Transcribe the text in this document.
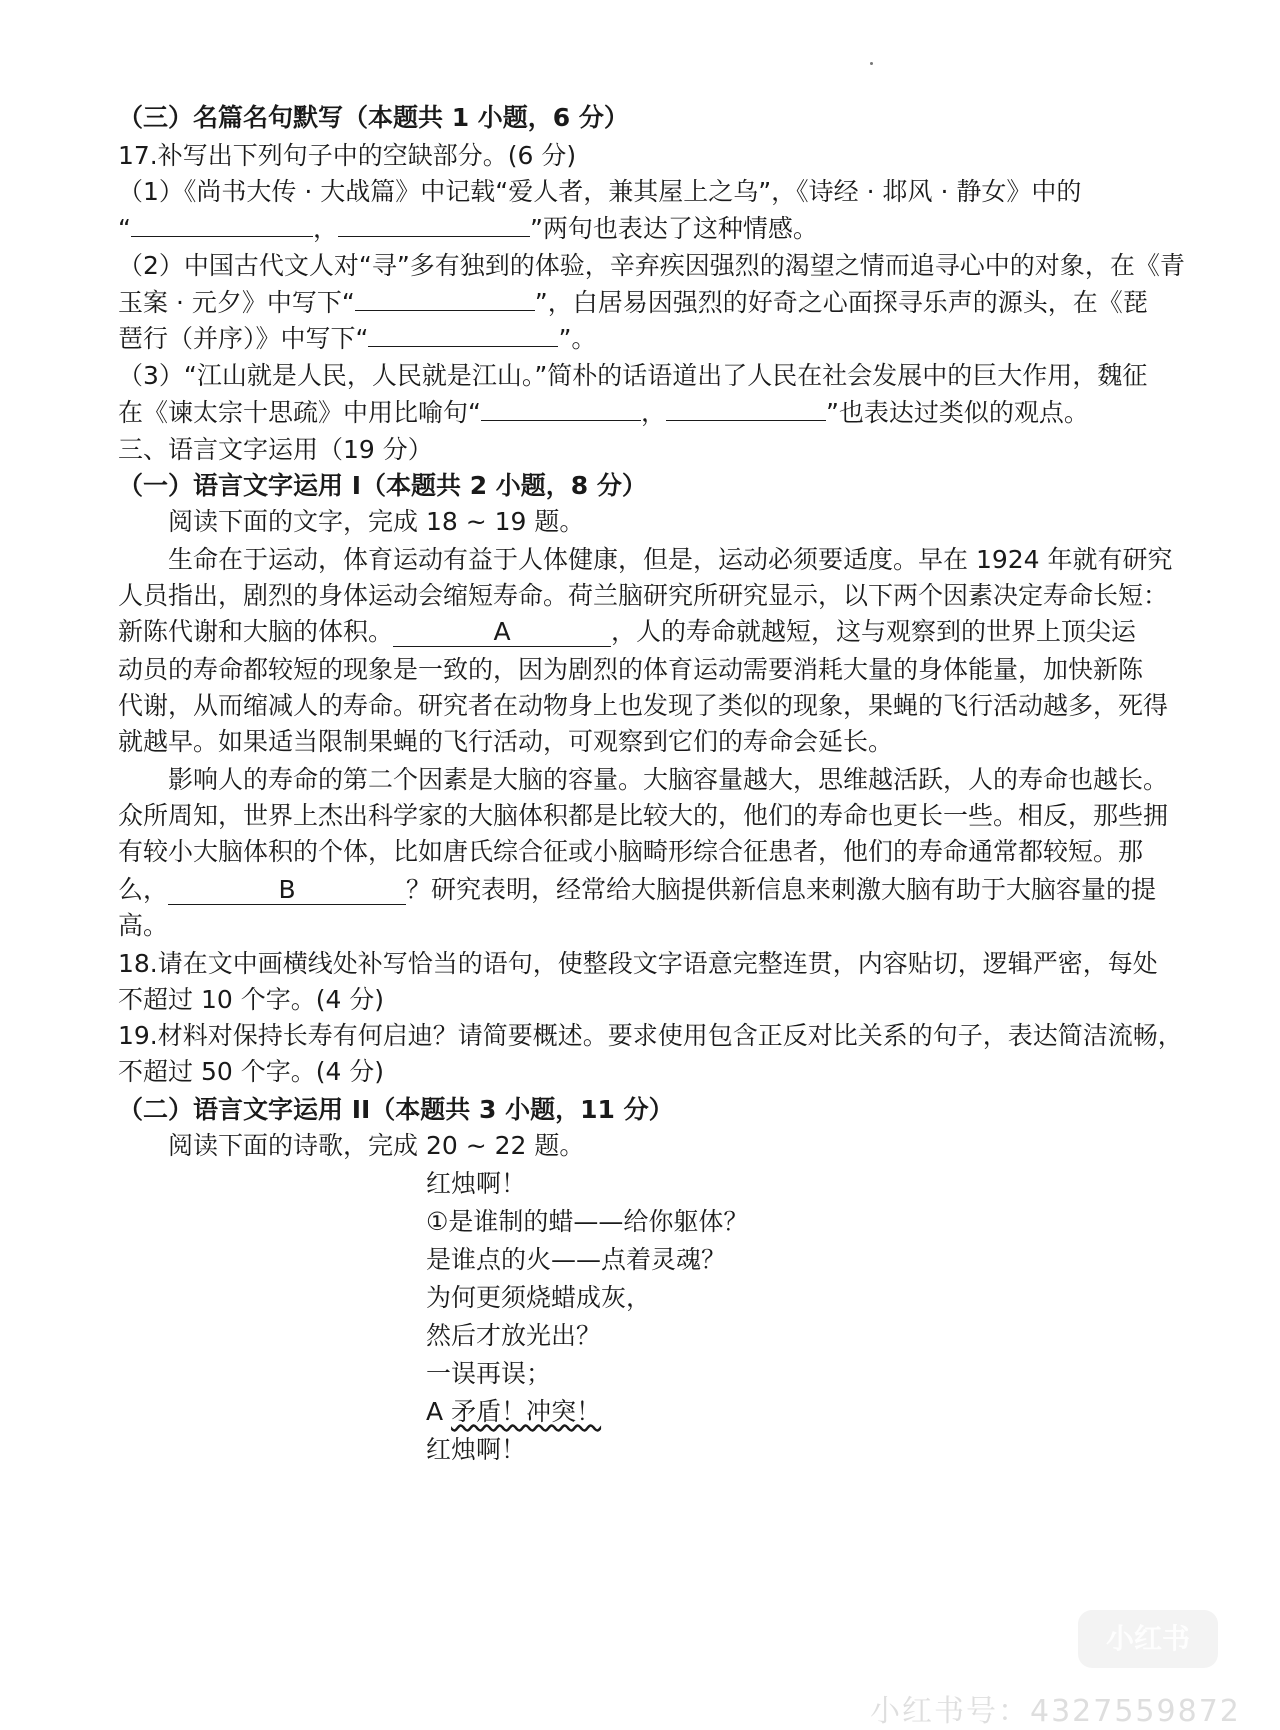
（三）名篇名句默写（本题共 1 小题，6 分）
17.补写出下列句子中的空缺部分。(6 分)
（1）《尚书大传 · 大战篇》中记载“爱人者，兼其屋上之乌”，《诗经 · 邶风 · 静女》中的
“	，	”两句也表达了这种情感。
（2）中国古代文人对“寻”多有独到的体验，辛弃疾因强烈的渴望之情而追寻心中的对象，在《青
玉案 · 元夕》中写下“	”，白居易因强烈的好奇之心面探寻乐声的源头，在《琵
琶行（并序）》中写下“	”。
（3）“江山就是人民，人民就是江山。”简朴的话语道出了人民在社会发展中的巨大作用，魏征
在《谏太宗十思疏》中用比喻句“	，	”也表达过类似的观点。
三、语言文字运用（19 分）
（一）语言文字运用 I（本题共 2 小题，8 分）
阅读下面的文字，完成 18 ~ 19 题。
生命在于运动，体育运动有益于人体健康，但是，运动必须要适度。早在 1924 年就有研究
人员指出，剧烈的身体运动会缩短寿命。荷兰脑研究所研究显示，以下两个因素决定寿命长短：
新陈代谢和大脑的体积。	A	，人的寿命就越短，这与观察到的世界上顶尖运
动员的寿命都较短的现象是一致的，因为剧烈的体育运动需要消耗大量的身体能量，加快新陈
代谢，从而缩减人的寿命。研究者在动物身上也发现了类似的现象，果蝇的飞行活动越多，死得
就越早。如果适当限制果蝇的飞行活动，可观察到它们的寿命会延长。
影响人的寿命的第二个因素是大脑的容量。大脑容量越大，思维越活跃，人的寿命也越长。
众所周知，世界上杰出科学家的大脑体积都是比较大的，他们的寿命也更长一些。相反，那些拥
有较小大脑体积的个体，比如唐氏综合征或小脑畸形综合征患者，他们的寿命通常都较短。那
么，	B	？研究表明，经常给大脑提供新信息来刺激大脑有助于大脑容量的提
高。
18.请在文中画横线处补写恰当的语句，使整段文字语意完整连贯，内容贴切，逻辑严密，每处
不超过 10 个字。(4 分)
19.材料对保持长寿有何启迪？请简要概述。要求使用包含正反对比关系的句子，表达简洁流畅，
不超过 50 个字。(4 分)
（二）语言文字运用 II（本题共 3 小题，11 分）
阅读下面的诗歌，完成 20 ~ 22 题。
红烛啊！
①是谁制的蜡——给你躯体？
是谁点的火——点着灵魂？
为何更须烧蜡成灰，
然后才放光出？
一误再误；
A 矛盾！冲突！
红烛啊！
小红书
小红书号：4327559872
